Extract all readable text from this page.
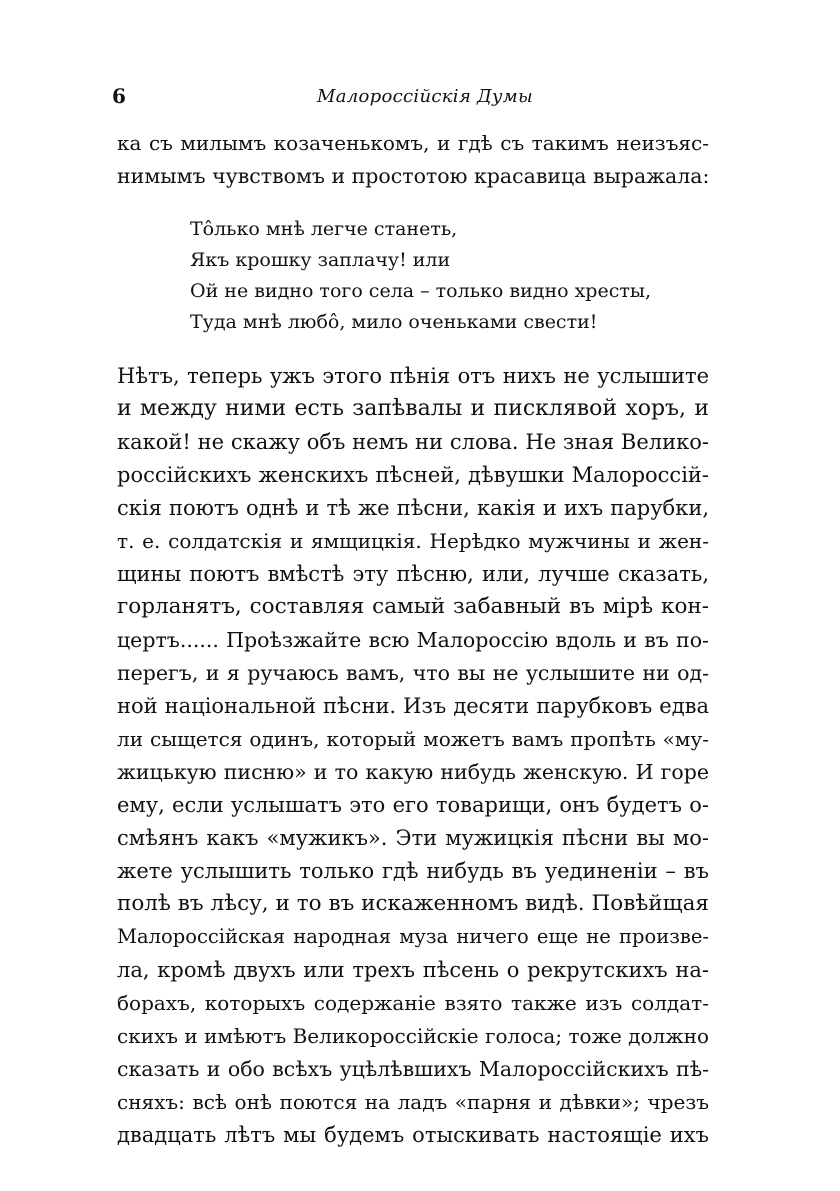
6	Малороссійскія Думы
ка съ милымъ козаченькомъ, и гдѣ съ такимъ неизъяс-
нимымъ чувствомъ и простотою красавица выражала:
Тôлько мнѣ легче станеть,
Якъ крошку заплачу! или
Ой не видно того села – только видно хресты,
Туда мнѣ любô, мило оченьками свести!
Нѣтъ, теперь ужъ этого пѣнія отъ нихъ не услышите
и между ними есть запѣвалы и писклявой хоръ, и
какой! не скажу объ немъ ни слова. Не зная Велико-
россійскихъ женскихъ пѣсней, дѣвушки Малороссій-
скія поютъ однѣ и тѣ же пѣсни, какія и ихъ парубки,
т. е. солдатскія и ямщицкія. Нерѣдко мужчины и жен-
щины поютъ вмѣстѣ эту пѣсню, или, лучше сказать,
горланятъ, составляя самый забавный въ мірѣ кон-
цертъ...... Проѣзжайте всю Малороссію вдоль и въ по-
перегъ, и я ручаюсь вамъ, что вы не услышите ни од-
ной національной пѣсни. Изъ десяти парубковъ едва
ли сыщется одинъ, который можетъ вамъ пропѣть «му-
жицькую писню» и то какую нибудь женскую. И горе
ему, если услышатъ это его товарищи, онъ будетъ о-
смѣянъ какъ «мужикъ». Эти мужицкія пѣсни вы мо-
жете услышить только гдѣ нибудь въ уединеніи – въ
полѣ въ лѣсу, и то въ искаженномъ видѣ. Повѣйщая
Малороссійская народная муза ничего еще не произве-
ла, кромѣ двухъ или трехъ пѣсень о рекрутскихъ на-
борахъ, которыхъ содержаніе взято также изъ солдат-
скихъ и имѣютъ Великороссійскіе голоса; тоже должно
сказать и обо всѣхъ уцѣлѣвшихъ Малороссійскихъ пѣ-
сняхъ: всѣ онѣ поются на ладъ «парня и дѣвки»; чрезъ
двадцать лѣтъ мы будемъ отыскивать настоящіе ихъ
